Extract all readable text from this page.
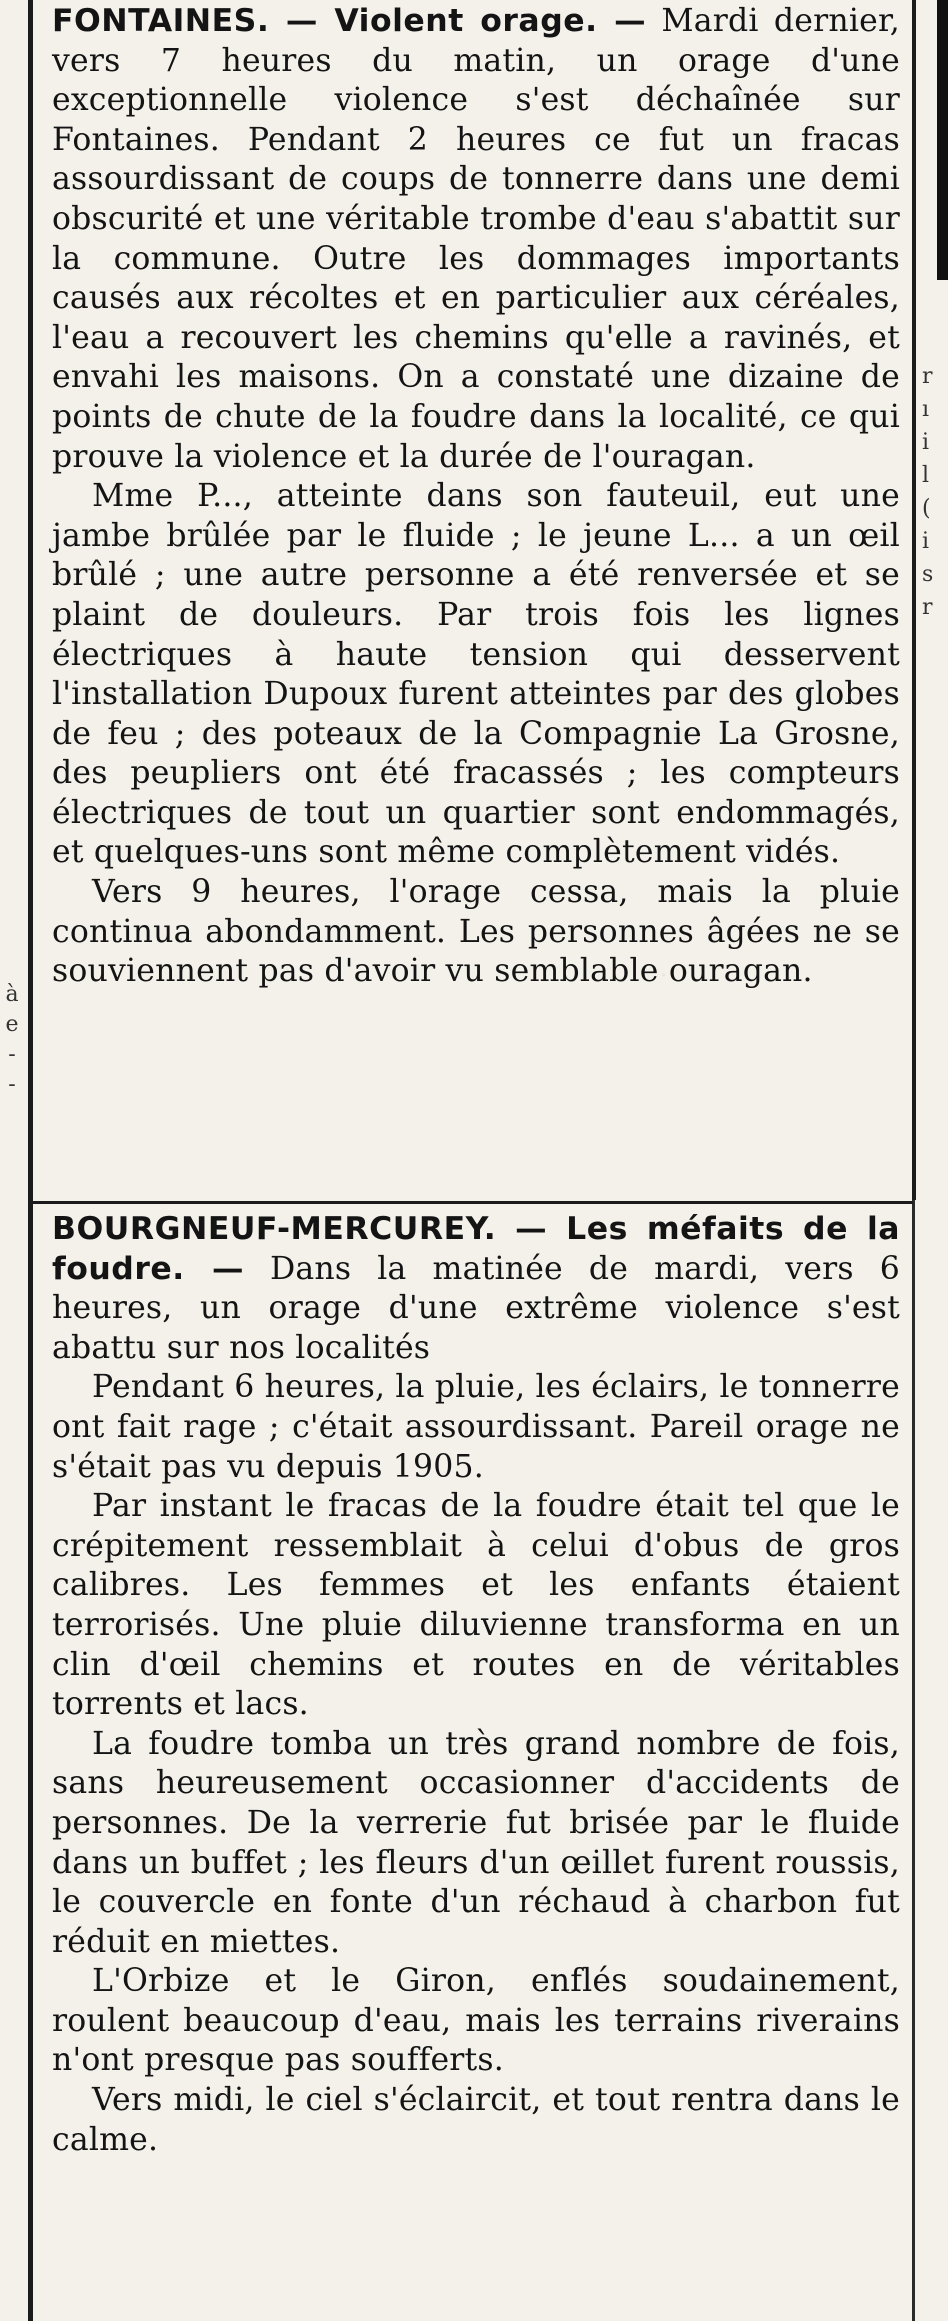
à
e
-
-
r
ı
i
l
(
i
s
r

FONTAINES. — Violent orage. — Mardi dernier, vers 7 heures du matin, un orage d'une exceptionnelle violence s'est déchaînée sur Fontaines. Pendant 2 heures ce fut un fracas assourdissant de coups de tonnerre dans une demi obscurité et une véritable trombe d'eau s'abattit sur la commune. Outre les dommages importants causés aux récoltes et en particulier aux céréales, l'eau a recouvert les chemins qu'elle a ravinés, et envahi les maisons. On a constaté une dizaine de points de chute de la foudre dans la localité, ce qui prouve la violence et la durée de l'ouragan.

Mme P..., atteinte dans son fauteuil, eut une jambe brûlée par le fluide ; le jeune L... a un œil brûlé ; une autre personne a été renversée et se plaint de douleurs. Par trois fois les lignes électriques à haute tension qui desservent l'installation Dupoux furent atteintes par des globes de feu ; des poteaux de la Compagnie La Grosne, des peupliers ont été fracassés ; les compteurs électriques de tout un quartier sont endommagés, et quelques-uns sont même complètement vidés.

Vers 9 heures, l'orage cessa, mais la pluie continua abondamment. Les personnes âgées ne se souviennent pas d'avoir vu semblable ouragan.

BOURGNEUF-MERCUREY. — Les méfaits de la foudre. — Dans la matinée de mardi, vers 6 heures, un orage d'une extrême violence s'est abattu sur nos localités

Pendant 6 heures, la pluie, les éclairs, le tonnerre ont fait rage ; c'était assourdissant. Pareil orage ne s'était pas vu depuis 1905.

Par instant le fracas de la foudre était tel que le crépitement ressemblait à celui d'obus de gros calibres. Les femmes et les enfants étaient terrorisés. Une pluie diluvienne transforma en un clin d'œil chemins et routes en de véritables torrents et lacs.

La foudre tomba un très grand nombre de fois, sans heureusement occasionner d'accidents de personnes. De la verrerie fut brisée par le fluide dans un buffet ; les fleurs d'un œillet furent roussis, le couvercle en fonte d'un réchaud à charbon fut réduit en miettes.

L'Orbize et le Giron, enflés soudainement, roulent beaucoup d'eau, mais les terrains riverains n'ont presque pas soufferts.

Vers midi, le ciel s'éclaircit, et tout rentra dans le calme.
